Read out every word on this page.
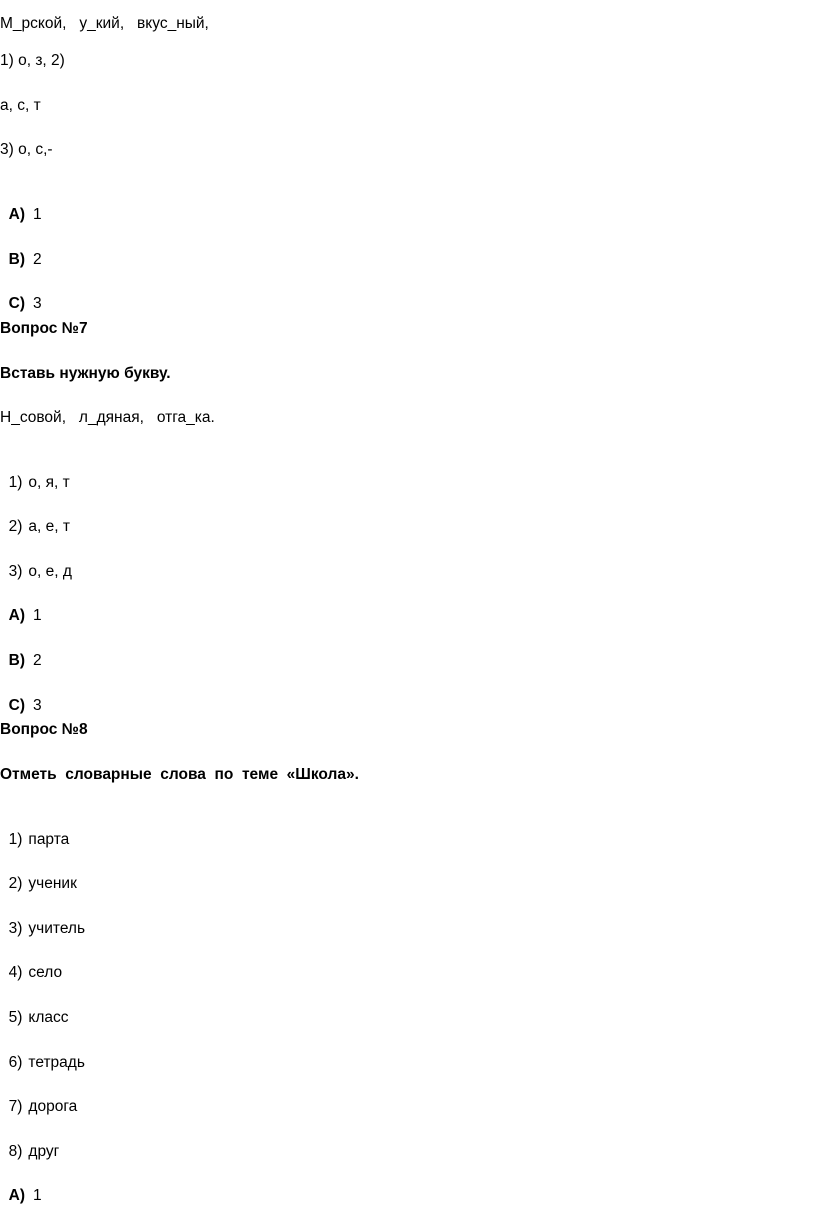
М_рской,   у_кий,   вкус_ный,
1) о, з, 2)
а, с, т
3) о, с,-

А) 1

В) 2

С) 3

Вопрос №7
Вставь нужную букву.
Н_совой,   л_дяная,   отга_ка.

1) о, я, т

2) а, е, т

3) о, е, д

А) 1

В) 2

С) 3

Вопрос №8
Отметь  словарные  слова  по  теме  «Школа».

1) парта

2) ученик

3) учитель

4) село

5) класс

6) тетрадь

7) дорога

8) друг

А) 1
